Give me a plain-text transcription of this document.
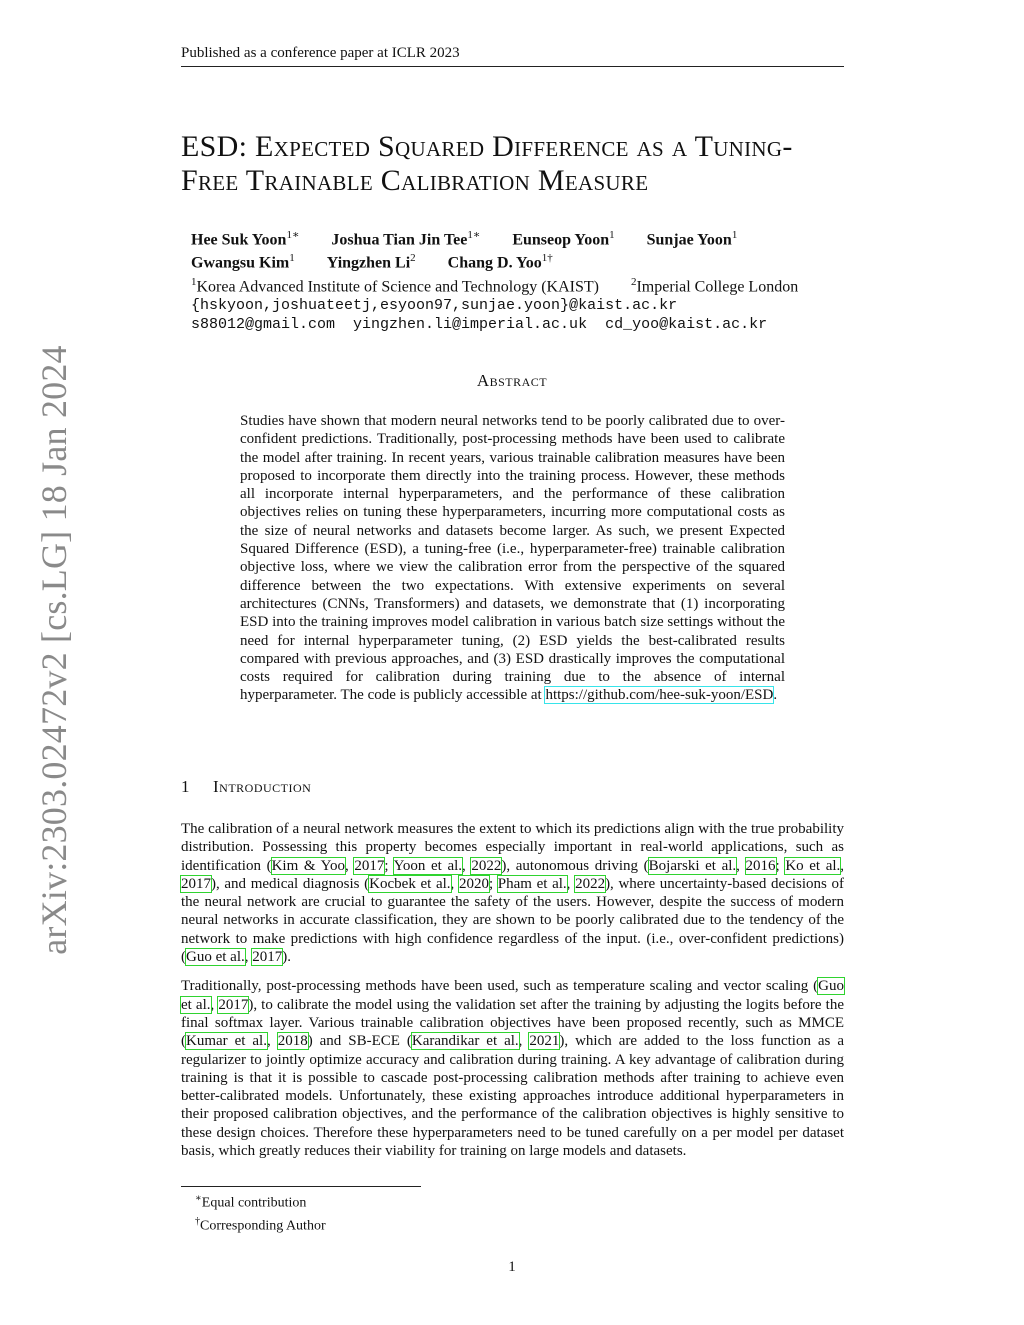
Published as a conference paper at ICLR 2023
arXiv:2303.02472v2 [cs.LG] 18 Jan 2024
ESD: Expected Squared Difference as a Tuning-
Free Trainable Calibration Measure
Hee Suk Yoon$^{1∗}$ Joshua Tian Jin Tee$^{1∗}$ Eunseop Yoon$^1$ Sunjae Yoon$^1$
Gwangsu Kim$^1$ Yingzhen Li$^2$ Chang D. Yoo$^{1\dagger}$
$^1$Korea Advanced Institute of Science and Technology (KAIST)	$^2$Imperial College London
{hskyoon,joshuateetj,esyoon97,sunjae.yoon}@kaist.ac.kr
s88012@gmail.com  yingzhen.li@imperial.ac.uk  cd_yoo@kaist.ac.kr
Abstract
Studies have shown that modern neural networks tend to be poorly calibrated due to over-confident predictions. Traditionally, post-processing methods have been used to calibrate the model after training. In recent years, various trainable calibration measures have been proposed to incorporate them directly into the training process. However, these methods all incorporate internal hyperparameters, and the performance of these calibration objectives relies on tuning these hyperparameters, incurring more computational costs as the size of neural networks and datasets become larger. As such, we present Expected Squared Difference (ESD), a tuning-free (i.e., hyperparameter-free) trainable calibration objective loss, where we view the calibration error from the perspective of the squared difference between the two expectations. With extensive experiments on several architectures (CNNs, Transformers) and datasets, we demonstrate that (1) incorporating ESD into the training improves model calibration in various batch size settings without the need for internal hyperparameter tuning, (2) ESD yields the best-calibrated results compared with previous approaches, and (3) ESD drastically improves the computational costs required for calibration during training due to the absence of internal hyperparameter. The code is publicly accessible at https://github.com/hee-suk-yoon/ESD.
1 Introduction

The calibration of a neural network measures the extent to which its predictions align with the true probability distribution. Possessing this property becomes especially important in real-world applications, such as identification (Kim & Yoo, 2017; Yoon et al., 2022), autonomous driving (Bojarski et al., 2016; Ko et al., 2017), and medical diagnosis (Kocbek et al., 2020; Pham et al., 2022), where uncertainty-based decisions of the neural network are crucial to guarantee the safety of the users. However, despite the success of modern neural networks in accurate classification, they are shown to be poorly calibrated due to the tendency of the network to make predictions with high confidence regardless of the input. (i.e., over-confident predictions) (Guo et al., 2017).

Traditionally, post-processing methods have been used, such as temperature scaling and vector scaling (Guo et al., 2017), to calibrate the model using the validation set after the training by adjusting the logits before the final softmax layer. Various trainable calibration objectives have been proposed recently, such as MMCE (Kumar et al., 2018) and SB-ECE (Karandikar et al., 2021), which are added to the loss function as a regularizer to jointly optimize accuracy and calibration during training. A key advantage of calibration during training is that it is possible to cascade post-processing calibration methods after training to achieve even better-calibrated models. Unfortunately, these existing approaches introduce additional hyperparameters in their proposed calibration objectives, and the performance of the calibration objectives is highly sensitive to these design choices. Therefore these hyperparameters need to be tuned carefully on a per model per dataset basis, which greatly reduces their viability for training on large models and datasets.

∗Equal contribution
†Corresponding Author
1
